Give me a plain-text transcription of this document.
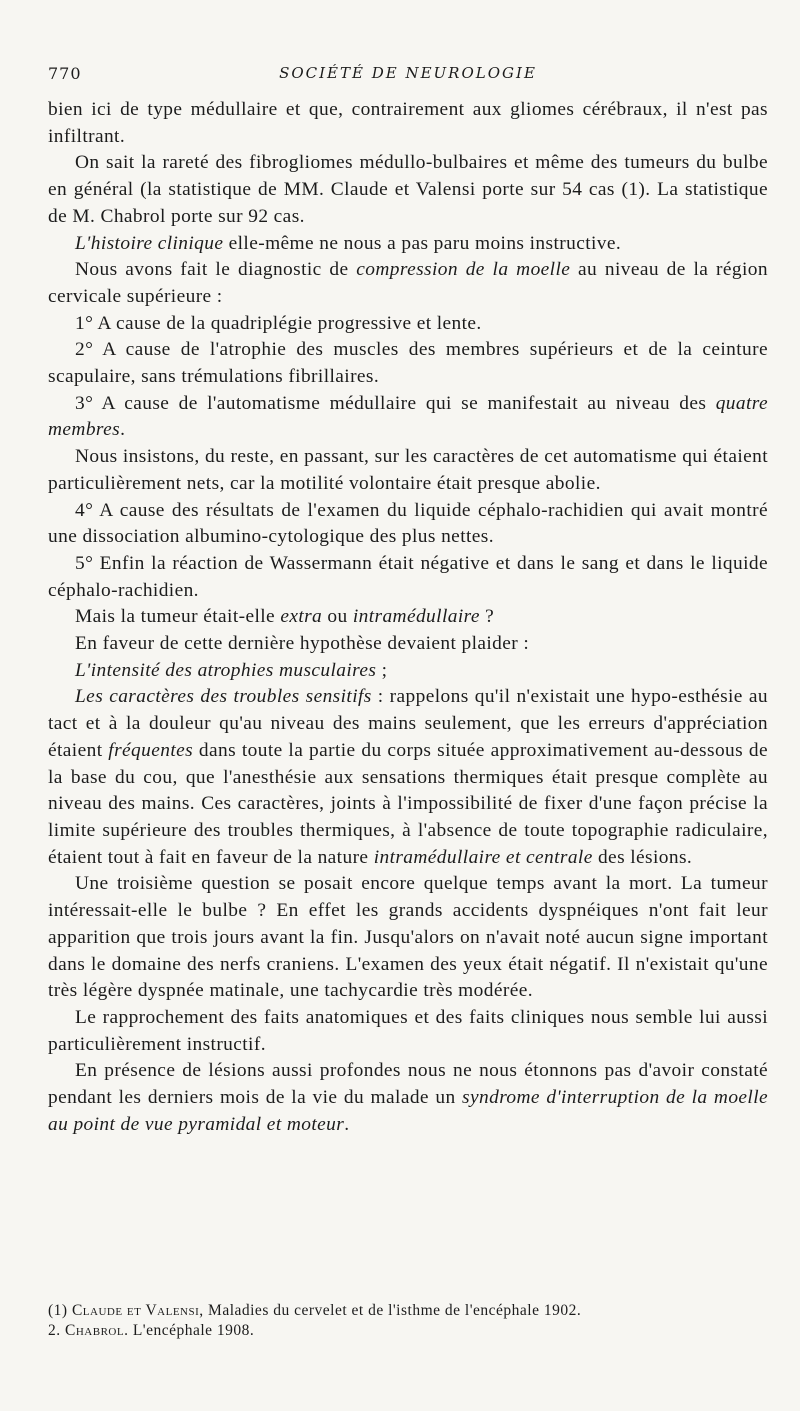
770	SOCIÉTÉ DE NEUROLOGIE

bien ici de type médullaire et que, contrairement aux gliomes cérébraux, il n'est pas infiltrant.

On sait la rareté des fibrogliomes médullo-bulbaires et même des tumeurs du bulbe en général (la statistique de MM. Claude et Valensi porte sur 54 cas (1). La statistique de M. Chabrol porte sur 92 cas.

L'histoire clinique elle-même ne nous a pas paru moins instructive.

Nous avons fait le diagnostic de compression de la moelle au niveau de la région cervicale supérieure :

1° A cause de la quadriplégie progressive et lente.

2° A cause de l'atrophie des muscles des membres supérieurs et de la ceinture scapulaire, sans trémulations fibrillaires.

3° A cause de l'automatisme médullaire qui se manifestait au niveau des quatre membres.

Nous insistons, du reste, en passant, sur les caractères de cet automatisme qui étaient particulièrement nets, car la motilité volontaire était presque abolie.

4° A cause des résultats de l'examen du liquide céphalo-rachidien qui avait montré une dissociation albumino-cytologique des plus nettes.

5° Enfin la réaction de Wassermann était négative et dans le sang et dans le liquide céphalo-rachidien.

Mais la tumeur était-elle extra ou intramédullaire ?

En faveur de cette dernière hypothèse devaient plaider :

L'intensité des atrophies musculaires ;

Les caractères des troubles sensitifs : rappelons qu'il n'existait une hypo-esthésie au tact et à la douleur qu'au niveau des mains seulement, que les erreurs d'appréciation étaient fréquentes dans toute la partie du corps située approximativement au-dessous de la base du cou, que l'anesthésie aux sensations thermiques était presque complète au niveau des mains. Ces caractères, joints à l'impossibilité de fixer d'une façon précise la limite supérieure des troubles thermiques, à l'absence de toute topographie radiculaire, étaient tout à fait en faveur de la nature intramédullaire et centrale des lésions.

Une troisième question se posait encore quelque temps avant la mort. La tumeur intéressait-elle le bulbe ? En effet les grands accidents dyspnéiques n'ont fait leur apparition que trois jours avant la fin. Jusqu'alors on n'avait noté aucun signe important dans le domaine des nerfs craniens. L'examen des yeux était négatif. Il n'existait qu'une très légère dyspnée matinale, une tachycardie très modérée.

Le rapprochement des faits anatomiques et des faits cliniques nous semble lui aussi particulièrement instructif.

En présence de lésions aussi profondes nous ne nous étonnons pas d'avoir constaté pendant les derniers mois de la vie du malade un syndrome d'interruption de la moelle au point de vue pyramidal et moteur.

(1) Claude et Valensi, Maladies du cervelet et de l'isthme de l'encéphale 1902.

2. Chabrol. L'encéphale 1908.
